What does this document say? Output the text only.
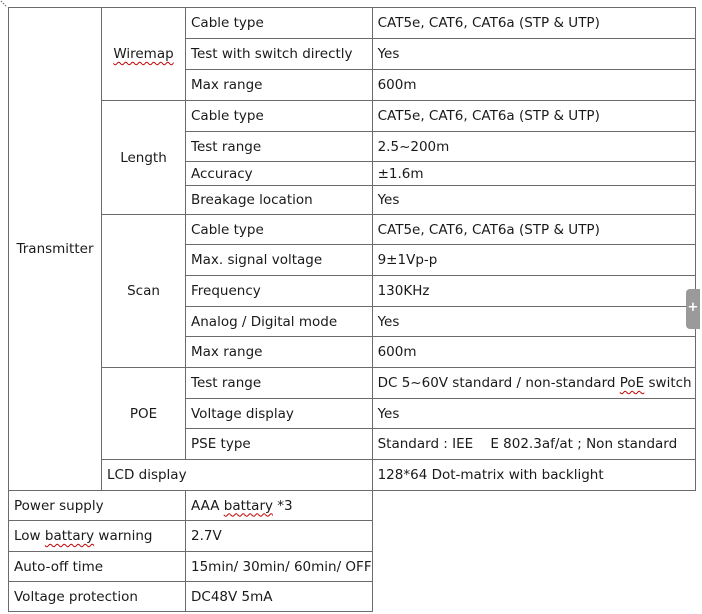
Transmitter	Wiremap	Cable type	CAT5e, CAT6, CAT6a (STP & UTP)
		Test with switch directly	Yes
		Max range	600m
	Length	Cable type	CAT5e, CAT6, CAT6a (STP & UTP)
		Test range	2.5~200m
		Accuracy	±1.6m
		Breakage location	Yes
	Scan	Cable type	CAT5e, CAT6, CAT6a (STP & UTP)
		Max. signal voltage	9±1Vp-p
		Frequency	130KHz
		Analog / Digital mode	Yes
		Max range	600m
	POE	Test range	DC 5~60V standard / non-standard PoE switch
		Voltage display	Yes
		PSE type	Standard : IEE    E 802.3af/at ; Non standard
	LCD display		128*64 Dot-matrix with backlight
Power supply		AAA battary *3	
Low battary warning		2.7V	
Auto-off time		15min/ 30min/ 60min/ OFF	
Voltage protection		DC48V 5mA	
+
